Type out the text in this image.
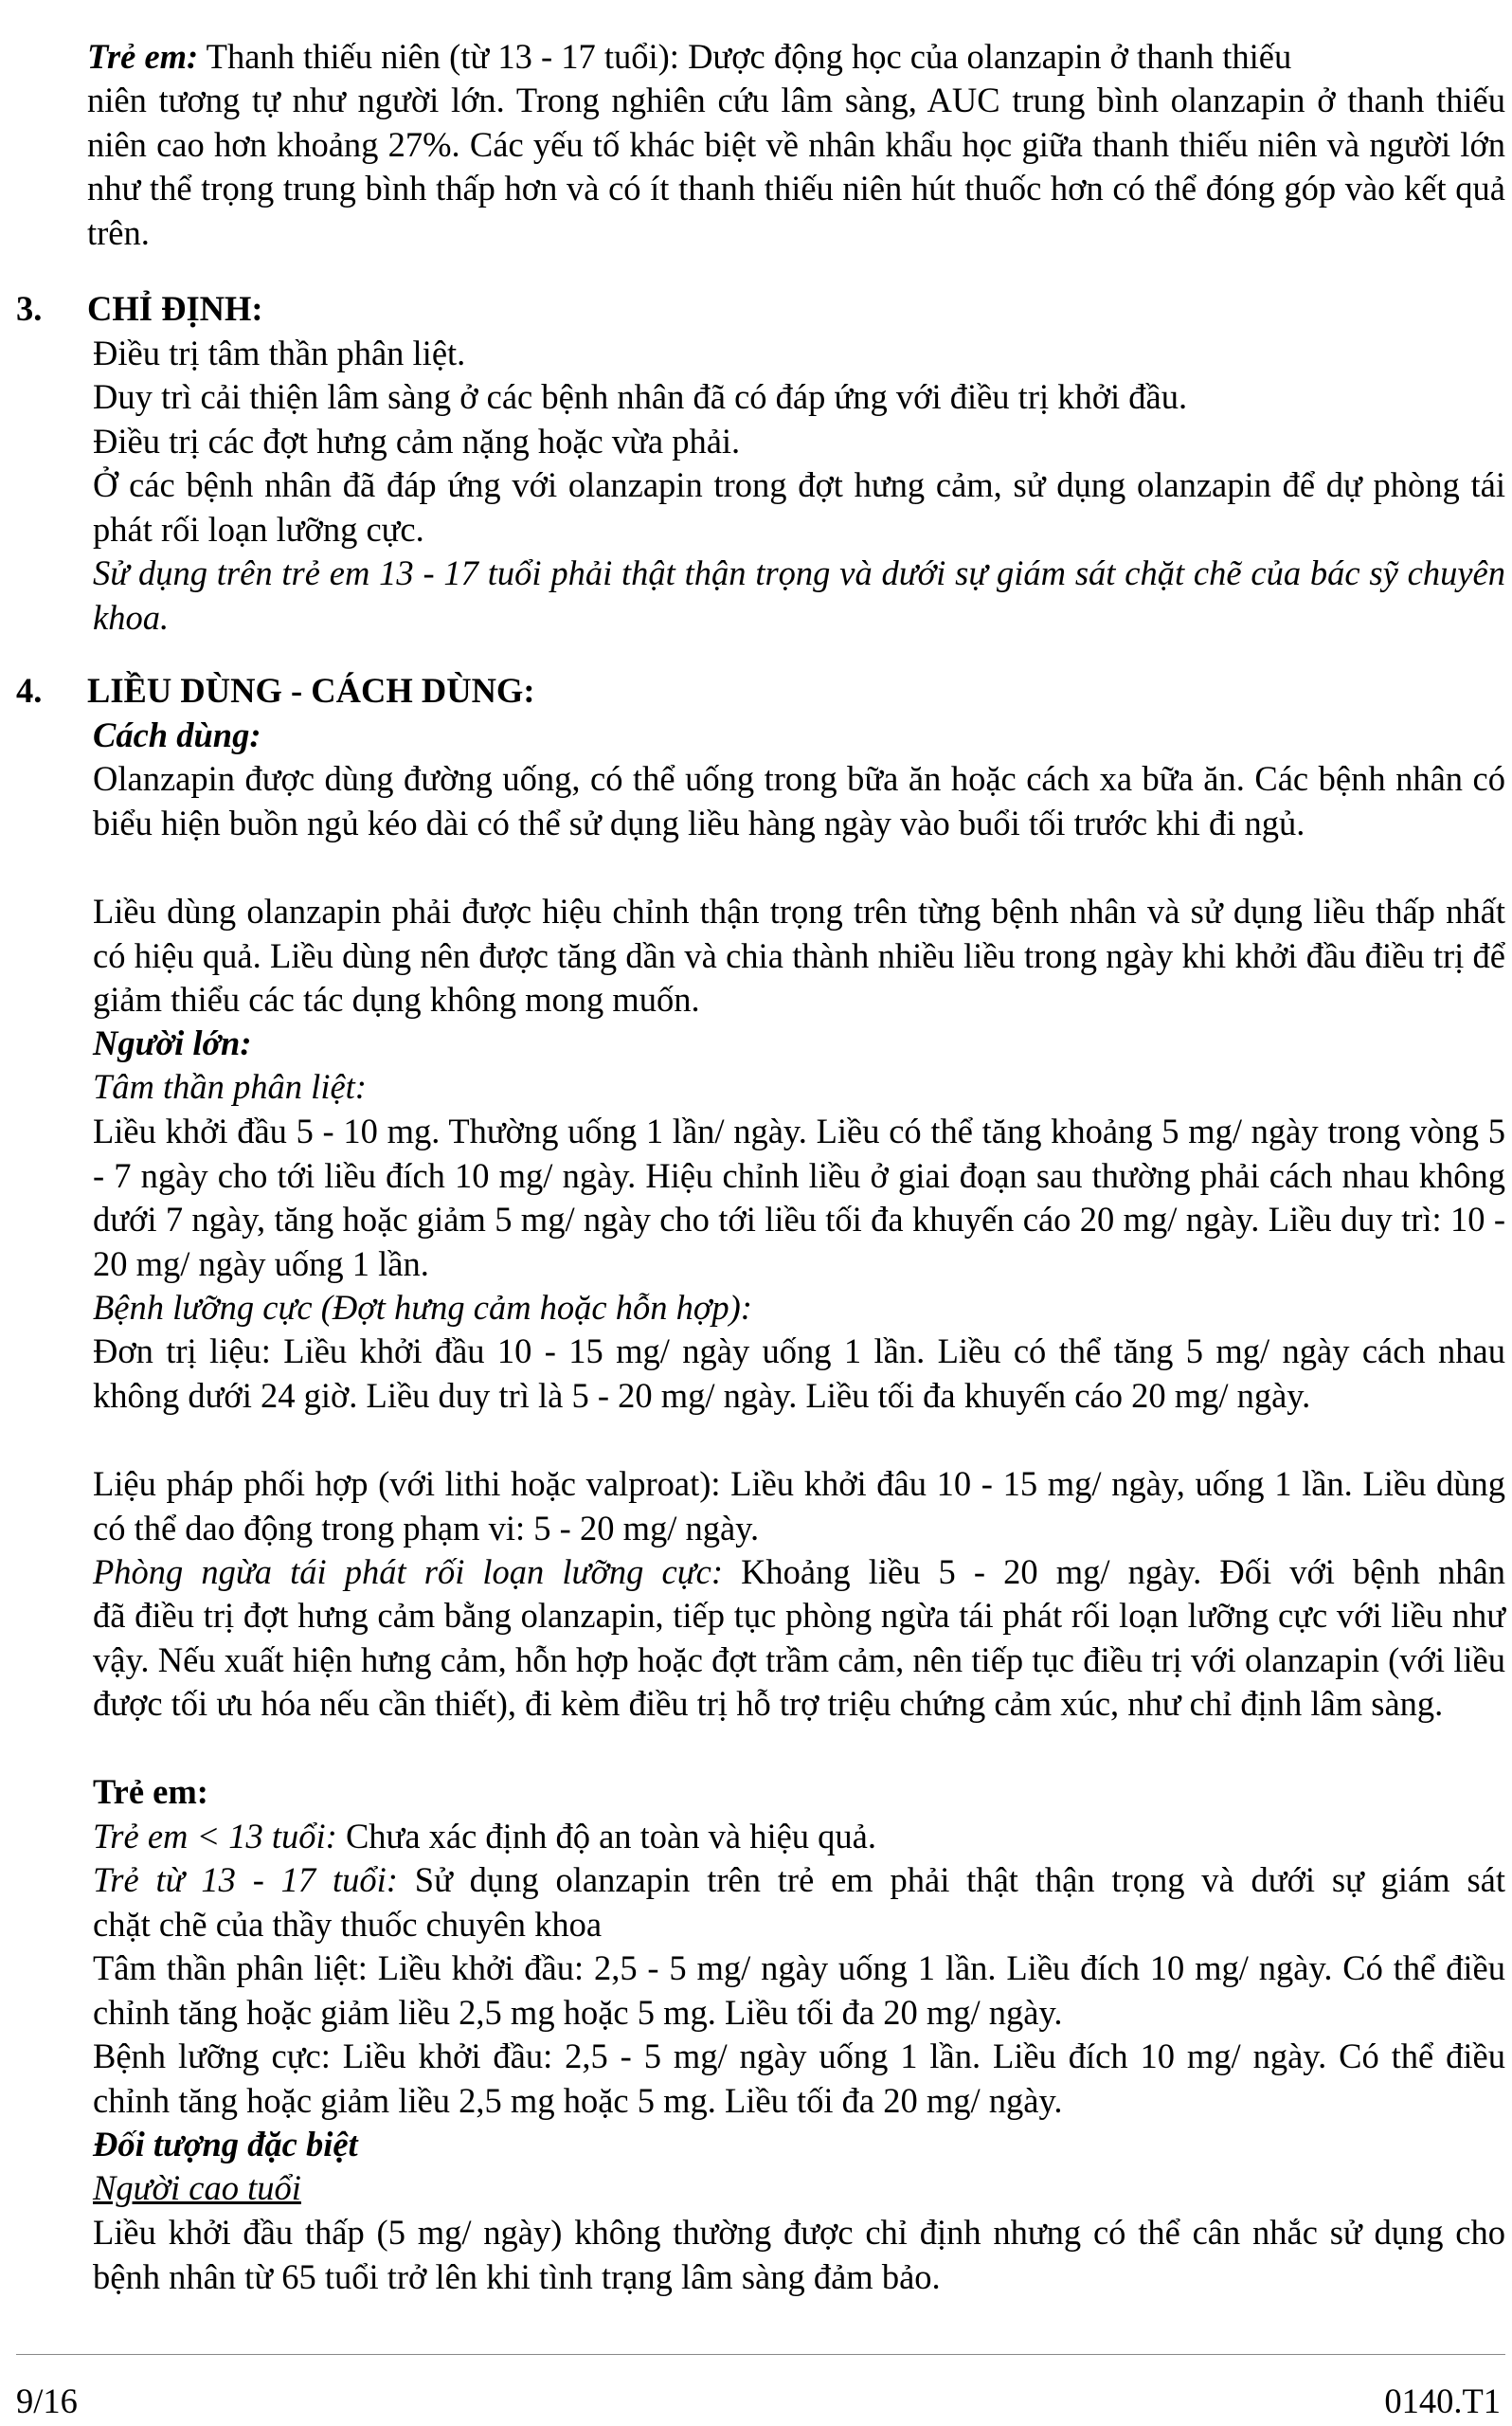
Trẻ em: Thanh thiếu niên (từ 13 - 17 tuổi): Dược động học của olanzapin ở thanh thiếu

niên tương tự như người lớn. Trong nghiên cứu lâm sàng, AUC trung bình olanzapin ở thanh thiếu niên cao hơn khoảng 27%. Các yếu tố khác biệt về nhân khẩu học giữa thanh thiếu niên và người lớn như thể trọng trung bình thấp hơn và có ít thanh thiếu niên hút thuốc hơn có thể đóng góp vào kết quả trên.

3. CHỈ ĐỊNH:

Điều trị tâm thần phân liệt.

Duy trì cải thiện lâm sàng ở các bệnh nhân đã có đáp ứng với điều trị khởi đầu.

Điều trị các đợt hưng cảm nặng hoặc vừa phải.

Ở các bệnh nhân đã đáp ứng với olanzapin trong đợt hưng cảm, sử dụng olanzapin để dự phòng tái phát rối loạn lưỡng cực.

Sử dụng trên trẻ em 13 - 17 tuổi phải thật thận trọng và dưới sự giám sát chặt chẽ của bác sỹ chuyên khoa.

4. LIỀU DÙNG - CÁCH DÙNG:

Cách dùng:

Olanzapin được dùng đường uống, có thể uống trong bữa ăn hoặc cách xa bữa ăn. Các bệnh nhân có biểu hiện buồn ngủ kéo dài có thể sử dụng liều hàng ngày vào buổi tối trước khi đi ngủ.

Liều dùng olanzapin phải được hiệu chỉnh thận trọng trên từng bệnh nhân và sử dụng liều thấp nhất có hiệu quả. Liều dùng nên được tăng dần và chia thành nhiều liều trong ngày khi khởi đầu điều trị để giảm thiểu các tác dụng không mong muốn.

Người lớn:

Tâm thần phân liệt:

Liều khởi đầu 5 - 10 mg. Thường uống 1 lần/ ngày. Liều có thể tăng khoảng 5 mg/ ngày trong vòng 5 - 7 ngày cho tới liều đích 10 mg/ ngày. Hiệu chỉnh liều ở giai đoạn sau thường phải cách nhau không dưới 7 ngày, tăng hoặc giảm 5 mg/ ngày cho tới liều tối đa khuyến cáo 20 mg/ ngày. Liều duy trì: 10 - 20 mg/ ngày uống 1 lần.

Bệnh lưỡng cực (Đợt hưng cảm hoặc hỗn hợp):

Đơn trị liệu: Liều khởi đầu 10 - 15 mg/ ngày uống 1 lần. Liều có thể tăng 5 mg/ ngày cách nhau không dưới 24 giờ. Liều duy trì là 5 - 20 mg/ ngày. Liều tối đa khuyến cáo 20 mg/ ngày.

Liệu pháp phối hợp (với lithi hoặc valproat): Liều khởi đâu 10 - 15 mg/ ngày, uống 1 lần. Liều dùng có thể dao động trong phạm vi: 5 - 20 mg/ ngày.

Phòng ngừa tái phát rối loạn lưỡng cực: Khoảng liều 5 - 20 mg/ ngày. Đối với bệnh nhân

đã điều trị đợt hưng cảm bằng olanzapin, tiếp tục phòng ngừa tái phát rối loạn lưỡng cực với liều như vậy. Nếu xuất hiện hưng cảm, hỗn hợp hoặc đợt trầm cảm, nên tiếp tục điều trị với olanzapin (với liều được tối ưu hóa nếu cần thiết), đi kèm điều trị hỗ trợ triệu chứng cảm xúc, như chỉ định lâm sàng.

Trẻ em:

Trẻ em < 13 tuổi: Chưa xác định độ an toàn và hiệu quả.

Trẻ từ 13 - 17 tuổi: Sử dụng olanzapin trên trẻ em phải thật thận trọng và dưới sự giám sát

chặt chẽ của thầy thuốc chuyên khoa

Tâm thần phân liệt: Liều khởi đầu: 2,5 - 5 mg/ ngày uống 1 lần. Liều đích 10 mg/ ngày. Có thể điều chỉnh tăng hoặc giảm liều 2,5 mg hoặc 5 mg. Liều tối đa 20 mg/ ngày.

Bệnh lưỡng cực: Liều khởi đầu: 2,5 - 5 mg/ ngày uống 1 lần. Liều đích 10 mg/ ngày. Có thể điều chỉnh tăng hoặc giảm liều 2,5 mg hoặc 5 mg. Liều tối đa 20 mg/ ngày.

Đối tượng đặc biệt

Người cao tuổi

Liều khởi đầu thấp (5 mg/ ngày) không thường được chỉ định nhưng có thể cân nhắc sử dụng cho bệnh nhân từ 65 tuổi trở lên khi tình trạng lâm sàng đảm bảo.

9/16	0140.T1
